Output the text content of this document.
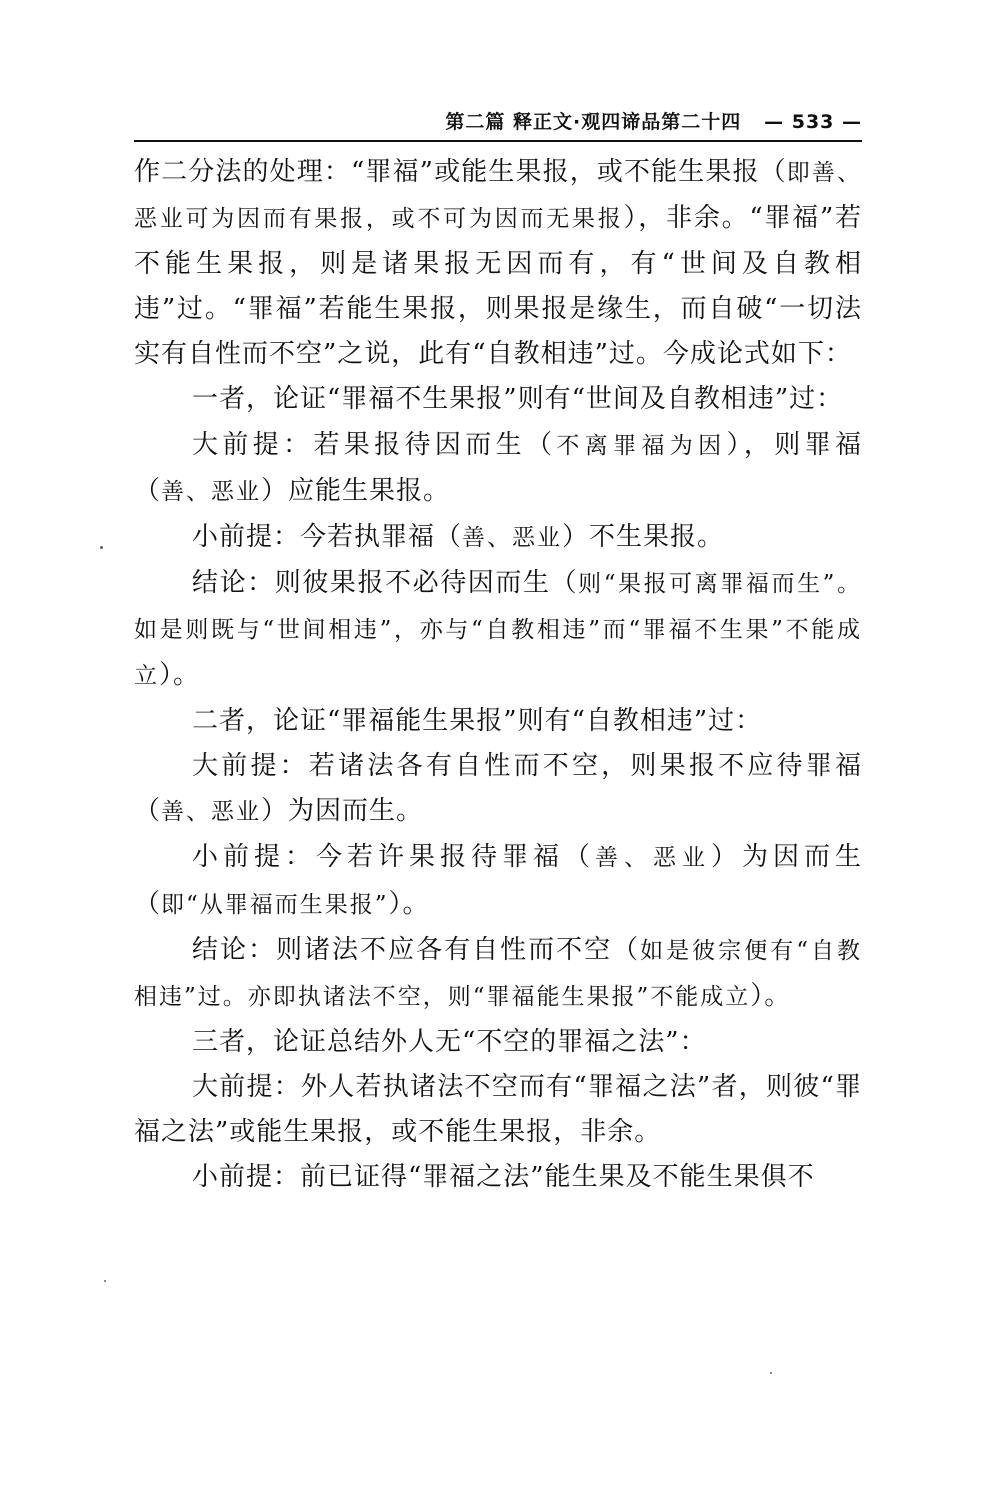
第二篇 释正文·观四谛品第二十四 — 533 —

作二分法的处理：“罪福”或能生果报，或不能生果报（即善、恶业可为因而有果报，或不可为因而无果报），非余。“罪福”若不能生果报，则是诸果报无因而有，有“世间及自教相违”过。“罪福”若能生果报，则果报是缘生，而自破“一切法实有自性而不空”之说，此有“自教相违”过。今成论式如下：

一者，论证“罪福不生果报”则有“世间及自教相违”过：

大前提：若果报待因而生（不离罪福为因），则罪福（善、恶业）应能生果报。

小前提：今若执罪福（善、恶业）不生果报。

结论：则彼果报不必待因而生（则“果报可离罪福而生”。如是则既与“世间相违”，亦与“自教相违”而“罪福不生果”不能成立）。

二者，论证“罪福能生果报”则有“自教相违”过：

大前提：若诸法各有自性而不空，则果报不应待罪福（善、恶业）为因而生。

小前提：今若许果报待罪福（善、恶业）为因而生（即“从罪福而生果报”）。

结论：则诸法不应各有自性而不空（如是彼宗便有“自教相违”过。亦即执诸法不空，则“罪福能生果报”不能成立）。

三者，论证总结外人无“不空的罪福之法”：

大前提：外人若执诸法不空而有“罪福之法”者，则彼“罪福之法”或能生果报，或不能生果报，非余。

小前提：前已证得“罪福之法”能生果及不能生果俱不
